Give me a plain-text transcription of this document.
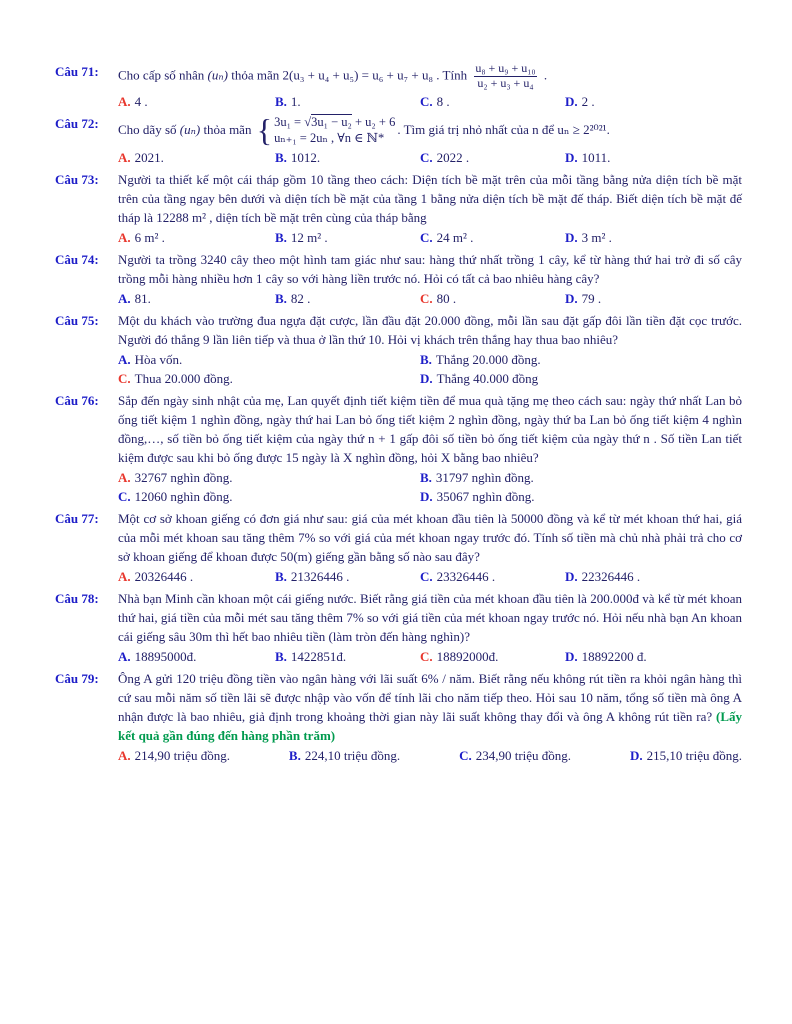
Câu 71:	Cho cấp số nhân (uₙ) thỏa mãn 2(u₃ + u₄ + u₅) = u₆ + u₇ + u₈ . Tính $\frac{\text{u₈ + u₉ + u₁₀}}{\text{u₂ + u₃ + u₄}}$ .

A. 4 .	B. 1.	C. 8 .	D. 2 .
Câu 72:	Cho dãy số (uₙ) thỏa mãn { 3u₁ = √3u₁ − u₂ + u₂ + 6
uₙ₊₁ = 2uₙ , ∀n ∈ ℕ*
. Tìm giá trị nhỏ nhất của n để uₙ ≥ 2²⁰²¹.

A. 2021.	B. 1012.	C. 2022 .	D. 1011.
Câu 73:	Người ta thiết kế một cái tháp gồm 10 tầng theo cách: Diện tích bề mặt trên của mỗi tầng bằng nửa diện tích bề mặt trên của tầng ngay bên dưới và diện tích bề mặt của tầng 1 bằng nửa diện tích bề mặt đế tháp. Biết diện tích bề mặt đế tháp là 12288 m² , diện tích bề mặt trên cùng của tháp bằng

A. 6 m² .	B. 12 m² .	C. 24 m² .	D. 3 m² .
Câu 74:	Người ta trồng 3240 cây theo một hình tam giác như sau: hàng thứ nhất trồng 1 cây, kể từ hàng thứ hai trở đi số cây trồng mỗi hàng nhiều hơn 1 cây so với hàng liền trước nó. Hỏi có tất cả bao nhiêu hàng cây?

A. 81.	B. 82 .	C. 80 .	D. 79 .
Câu 75:	Một du khách vào trường đua ngựa đặt cược, lần đầu đặt 20.000 đồng, mỗi lần sau đặt gấp đôi lần tiền đặt cọc trước. Người đó thắng 9 lần liên tiếp và thua ở lần thứ 10. Hỏi vị khách trên thắng hay thua bao nhiêu?

A. Hòa vốn.	B. Thắng 20.000 đồng.
C. Thua 20.000 đồng.	D. Thắng 40.000 đồng
Câu 76:	Sắp đến ngày sinh nhật của mẹ, Lan quyết định tiết kiệm tiền để mua quà tặng mẹ theo cách sau: ngày thứ nhất Lan bỏ ống tiết kiệm 1 nghìn đồng, ngày thứ hai Lan bỏ ống tiết kiệm 2 nghìn đồng, ngày thứ ba Lan bỏ ống tiết kiệm 4 nghìn đồng,…, số tiền bỏ ống tiết kiệm của ngày thứ n + 1 gấp đôi số tiền bỏ ống tiết kiệm của ngày thứ n . Số tiền Lan tiết kiệm được sau khi bỏ ống được 15 ngày là X nghìn đồng, hỏi X bằng bao nhiêu?

A. 32767 nghìn đồng.	B. 31797 nghìn đồng.
C. 12060 nghìn đồng.	D. 35067 nghìn đồng.
Câu 77:	Một cơ sở khoan giếng có đơn giá như sau: giá của mét khoan đầu tiên là 50000 đồng và kể từ mét khoan thứ hai, giá của mỗi mét khoan sau tăng thêm 7% so với giá của mét khoan ngay trước đó. Tính số tiền mà chủ nhà phải trả cho cơ sở khoan giếng để khoan được 50(m) giếng gần bằng số nào sau đây?

A. 20326446 .	B. 21326446 .	C. 23326446 .	D. 22326446 .
Câu 78:	Nhà bạn Minh cần khoan một cái giếng nước. Biết rằng giá tiền của mét khoan đầu tiên là 200.000đ và kể từ mét khoan thứ hai, giá tiền của mỗi mét sau tăng thêm 7% so với giá tiền của mét khoan ngay trước nó. Hỏi nếu nhà bạn An khoan cái giếng sâu 30m thì hết bao nhiêu tiền (làm tròn đến hàng nghìn)?

A. 18895000đ.	B. 1422851đ.	C. 18892000đ.	D. 18892200 đ.
Câu 79:	Ông A gửi 120 triệu đồng tiền vào ngân hàng với lãi suất 6% / năm. Biết rằng nếu không rút tiền ra khỏi ngân hàng thì cứ sau mỗi năm số tiền lãi sẽ được nhập vào vốn để tính lãi cho năm tiếp theo. Hỏi sau 10 năm, tổng số tiền mà ông A nhận được là bao nhiêu, giả định trong khoảng thời gian này lãi suất không thay đổi và ông A không rút tiền ra? (Lấy kết quả gần đúng đến hàng phần trăm)

A. 214,90 triệu đồng.	B. 224,10 triệu đồng.	C. 234,90 triệu đồng.	D. 215,10 triệu đồng.
